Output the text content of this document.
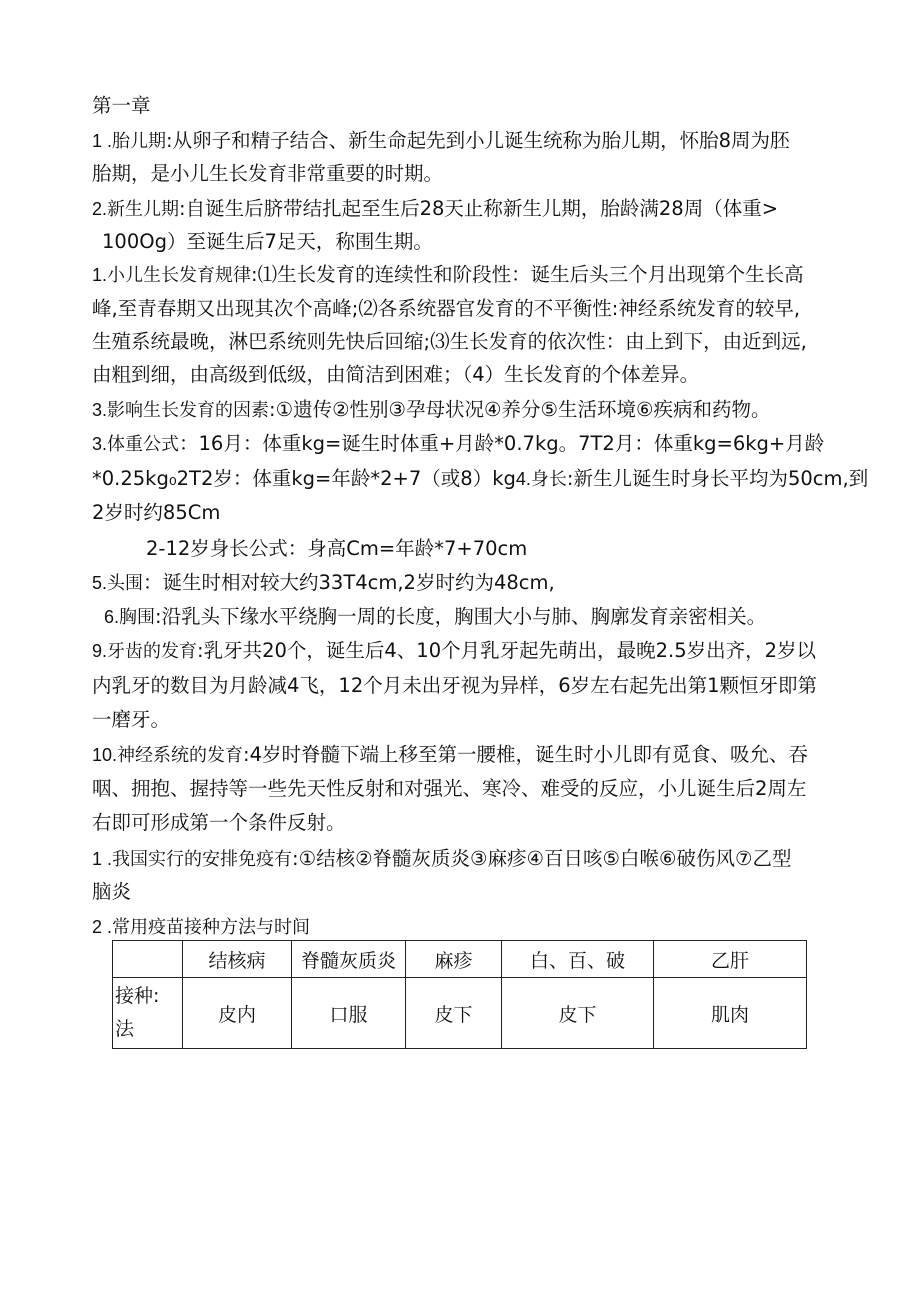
第一章
1 .胎儿期:从卵子和精子结合、新生命起先到小儿诞生统称为胎儿期，怀胎8周为胚
胎期，是小儿生长发育非常重要的时期。
2.新生儿期:自诞生后脐带结扎起至生后28天止称新生儿期，胎龄满28周（体重>
100Og）至诞生后7足天，称围生期。
1.小儿生长发育规律:⑴生长发育的连续性和阶段性：诞生后头三个月出现第个生长高
峰,至青春期又出现其次个高峰;⑵各系统器官发育的不平衡性:神经系统发育的较早,
生殖系统最晚，淋巴系统则先快后回缩;⑶生长发育的依次性：由上到下，由近到远,
由粗到细，由高级到低级，由简洁到困难；（4）生长发育的个体差异。
3.影响生长发育的因素:①遗传②性别③孕母状况④养分⑤生活环境⑥疾病和药物。
3.体重公式：16月：体重kg=诞生时体重+月龄*0.7kg。7T2月：体重kg=6kg+月龄
*0.25kg₀2T2岁：体重kg=年龄*2+7（或8）kg4.身长:新生儿诞生时身长平均为50cm,到
2岁时约85Cm
2-12岁身长公式：身高Cm=年龄*7+70cm
5.头围：诞生时相对较大约33T4cm,2岁时约为48cm,
6.胸围:沿乳头下缘水平绕胸一周的长度，胸围大小与肺、胸廓发育亲密相关。
9.牙齿的发育:乳牙共20个，诞生后4、10个月乳牙起先萌出，最晚2.5岁出齐，2岁以
内乳牙的数目为月龄减4飞，12个月未出牙视为异样，6岁左右起先出第1颗恒牙即第
一磨牙。
10.神经系统的发育:4岁时脊髓下端上移至第一腰椎，诞生时小儿即有觅食、吸允、吞
咽、拥抱、握持等一些先天性反射和对强光、寒冷、难受的反应，小儿诞生后2周左
右即可形成第一个条件反射。
1 .我国实行的安排免疫有:①结核②脊髓灰质炎③麻疹④百日咳⑤白喉⑥破伤风⑦乙型
脑炎
2 .常用疫苗接种方法与时间
	结核病	脊髓灰质炎	麻疹	白、百、破	乙肝
接种:
法	皮内	口服	皮下	皮下	肌肉
